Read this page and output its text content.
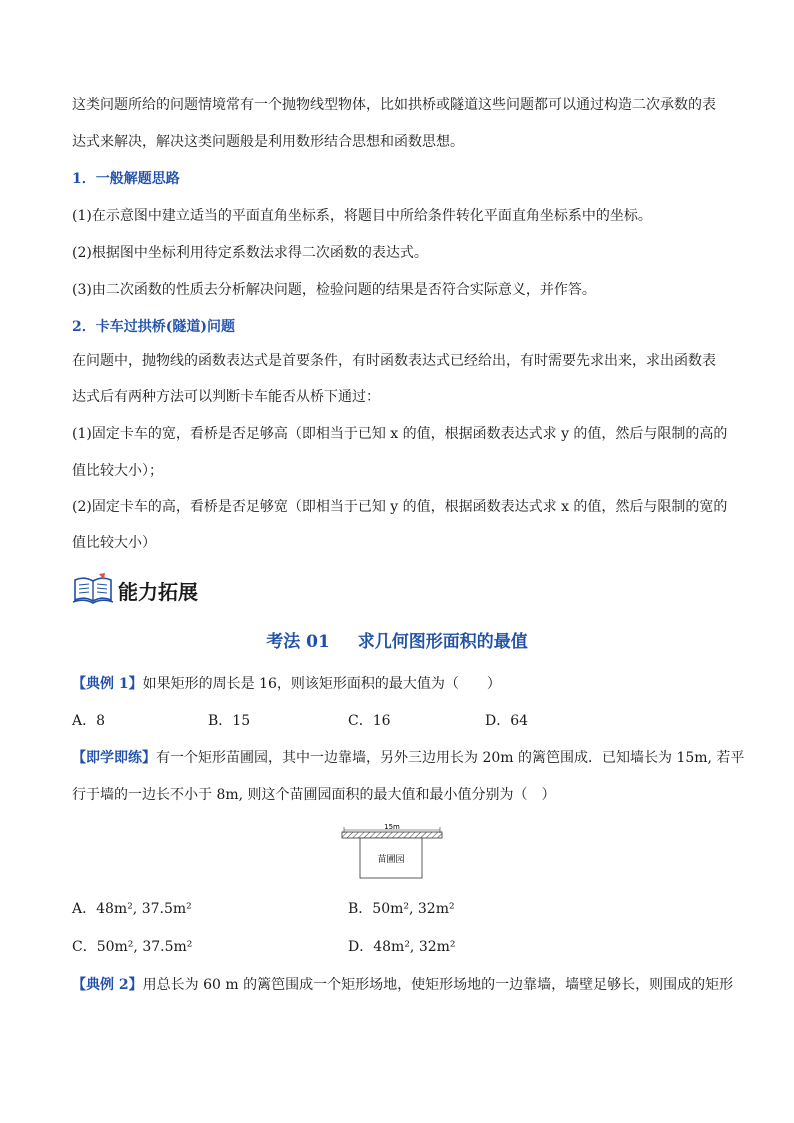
这类问题所给的问题情境常有一个抛物线型物体，比如拱桥或隧道这些问题都可以通过构造二次承数的表
达式来解决，解决这类问题般是利用数形结合思想和函数思想。
1．一般解题思路
(1)在示意图中建立适当的平面直角坐标系，将题目中所给条件转化平面直角坐标系中的坐标。
(2)根据图中坐标利用待定系数法求得二次函数的表达式。
(3)由二次函数的性质去分析解决问题，检验问题的结果是否符合实际意义，并作答。
2．卡车过拱桥(隧道)问题
在问题中，抛物线的函数表达式是首要条件，有时函数表达式已经给出，有时需要先求出来，求出函数表
达式后有两种方法可以判断卡车能否从桥下通过：
(1)固定卡车的宽，看桥是否足够高（即相当于已知 x 的值，根据函数表达式求 y 的值，然后与限制的高的
值比较大小）；
(2)固定卡车的高，看桥是否足够宽（即相当于已知 y 的值，根据函数表达式求 x 的值，然后与限制的宽的
值比较大小）
能力拓展
考法 01 求几何图形面积的最值
【典例 1】如果矩形的周长是 16，则该矩形面积的最大值为（　　）
A．8	B．15	C．16	D．64
【即学即练】有一个矩形苗圃园，其中一边靠墙，另外三边用长为 20m 的篱笆围成．已知墙长为 15m, 若平
行于墙的一边长不小于 8m, 则这个苗圃园面积的最大值和最小值分别为（　）
15m
苗圃园
A．48m², 37.5m²	B．50m², 32m²
C．50m², 37.5m²	D．48m², 32m²
【典例 2】用总长为 60 m 的篱笆围成一个矩形场地，使矩形场地的一边靠墙，墙壁足够长，则围成的矩形
